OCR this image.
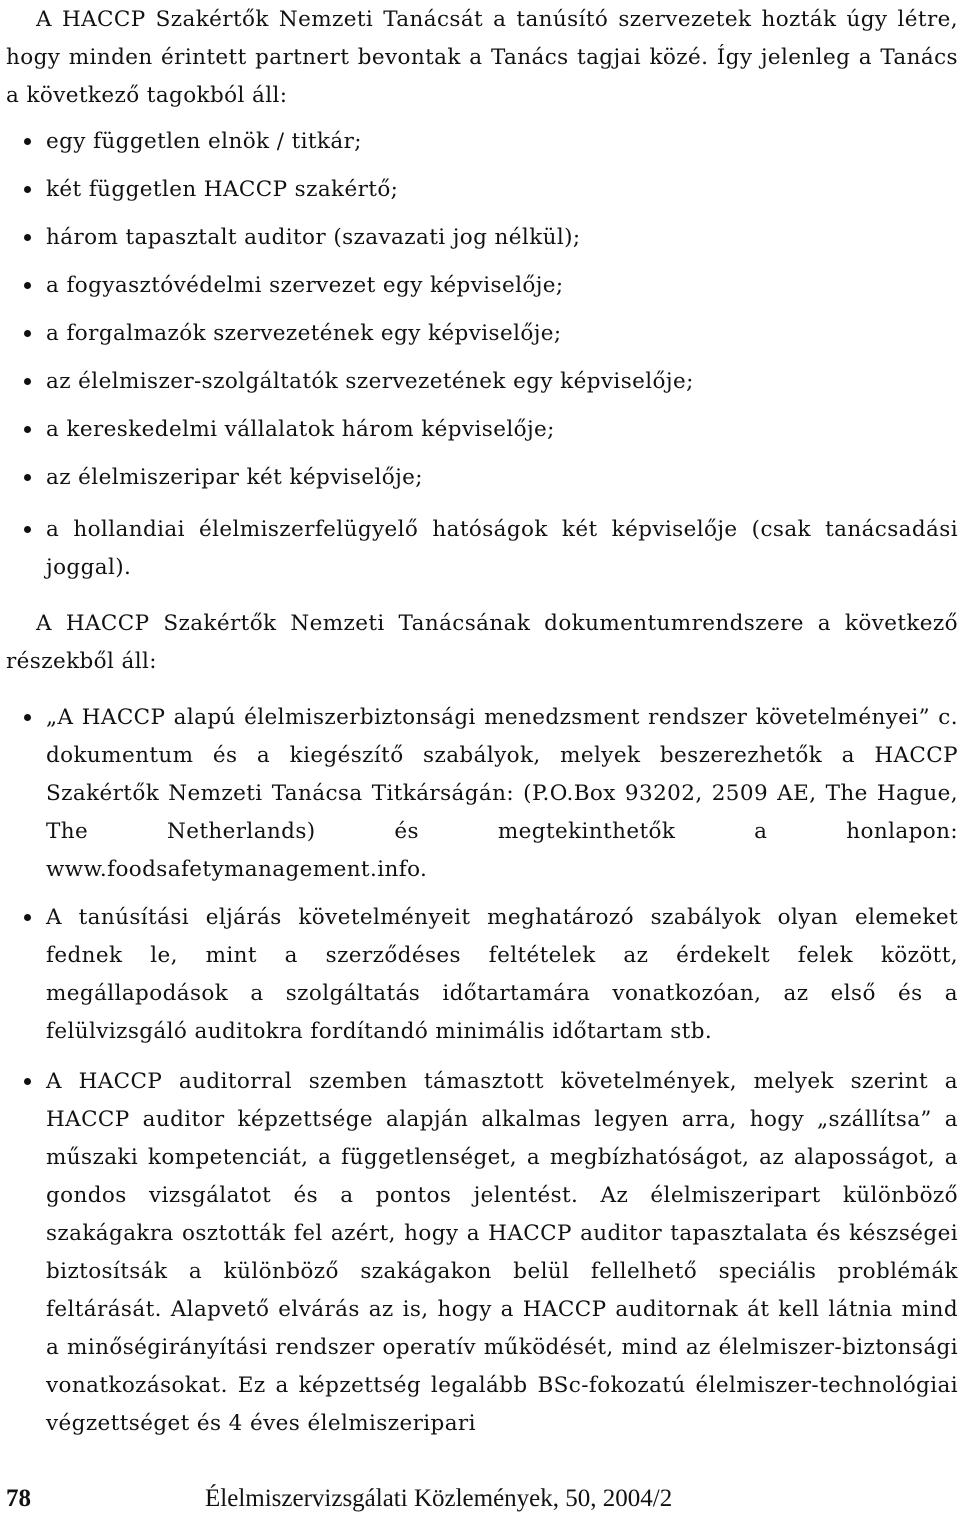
A HACCP Szakértők Nemzeti Tanácsát a tanúsító szervezetek hozták úgy létre, hogy minden érintett partnert bevontak a Tanács tagjai közé. Így jelenleg a Tanács a következő tagokból áll:

egy független elnök / titkár;
két független HACCP szakértő;
három tapasztalt auditor (szavazati jog nélkül);
a fogyasztóvédelmi szervezet egy képviselője;
a forgalmazók szervezetének egy képviselője;
az élelmiszer-szolgáltatók szervezetének egy képviselője;
a kereskedelmi vállalatok három képviselője;
az élelmiszeripar két képviselője;
a hollandiai élelmiszerfelügyelő hatóságok két képviselője (csak tanácsadási joggal).

A HACCP Szakértők Nemzeti Tanácsának dokumentumrendszere a következő részekből áll:

„A HACCP alapú élelmiszerbiztonsági menedzsment rendszer követelményei” c. dokumentum és a kiegészítő szabályok, melyek beszerezhetők a HACCP Szakértők Nemzeti Tanácsa Titkárságán: (P.O.Box 93202, 2509 AE, The Hague, The Netherlands) és megtekinthetők a honlapon: www.foodsafetymanagement.info.
A tanúsítási eljárás követelményeit meghatározó szabályok olyan elemeket fednek le, mint a szerződéses feltételek az érdekelt felek között, megállapodások a szolgáltatás időtartamára vonatkozóan, az első és a felülvizsgáló auditokra fordítandó minimális időtartam stb.
A HACCP auditorral szemben támasztott követelmények, melyek szerint a HACCP auditor képzettsége alapján alkalmas legyen arra, hogy „szállítsa” a műszaki kompetenciát, a függetlenséget, a megbízhatóságot, az alaposságot, a gondos vizsgálatot és a pontos jelentést. Az élelmiszeripart különböző szakágakra osztották fel azért, hogy a HACCP auditor tapasztalata és készségei biztosítsák a különböző szakágakon belül fellelhető speciális problémák feltárását. Alapvető elvárás az is, hogy a HACCP auditornak át kell látnia mind a minőségirányítási rendszer operatív működését, mind az élelmiszer-biztonsági vonatkozásokat. Ez a képzettség legalább BSc-fokozatú élelmiszer-technológiai végzettséget és 4 éves élelmiszeripari
78	Élelmiszervizsgálati Közlemények, 50, 2004/2
